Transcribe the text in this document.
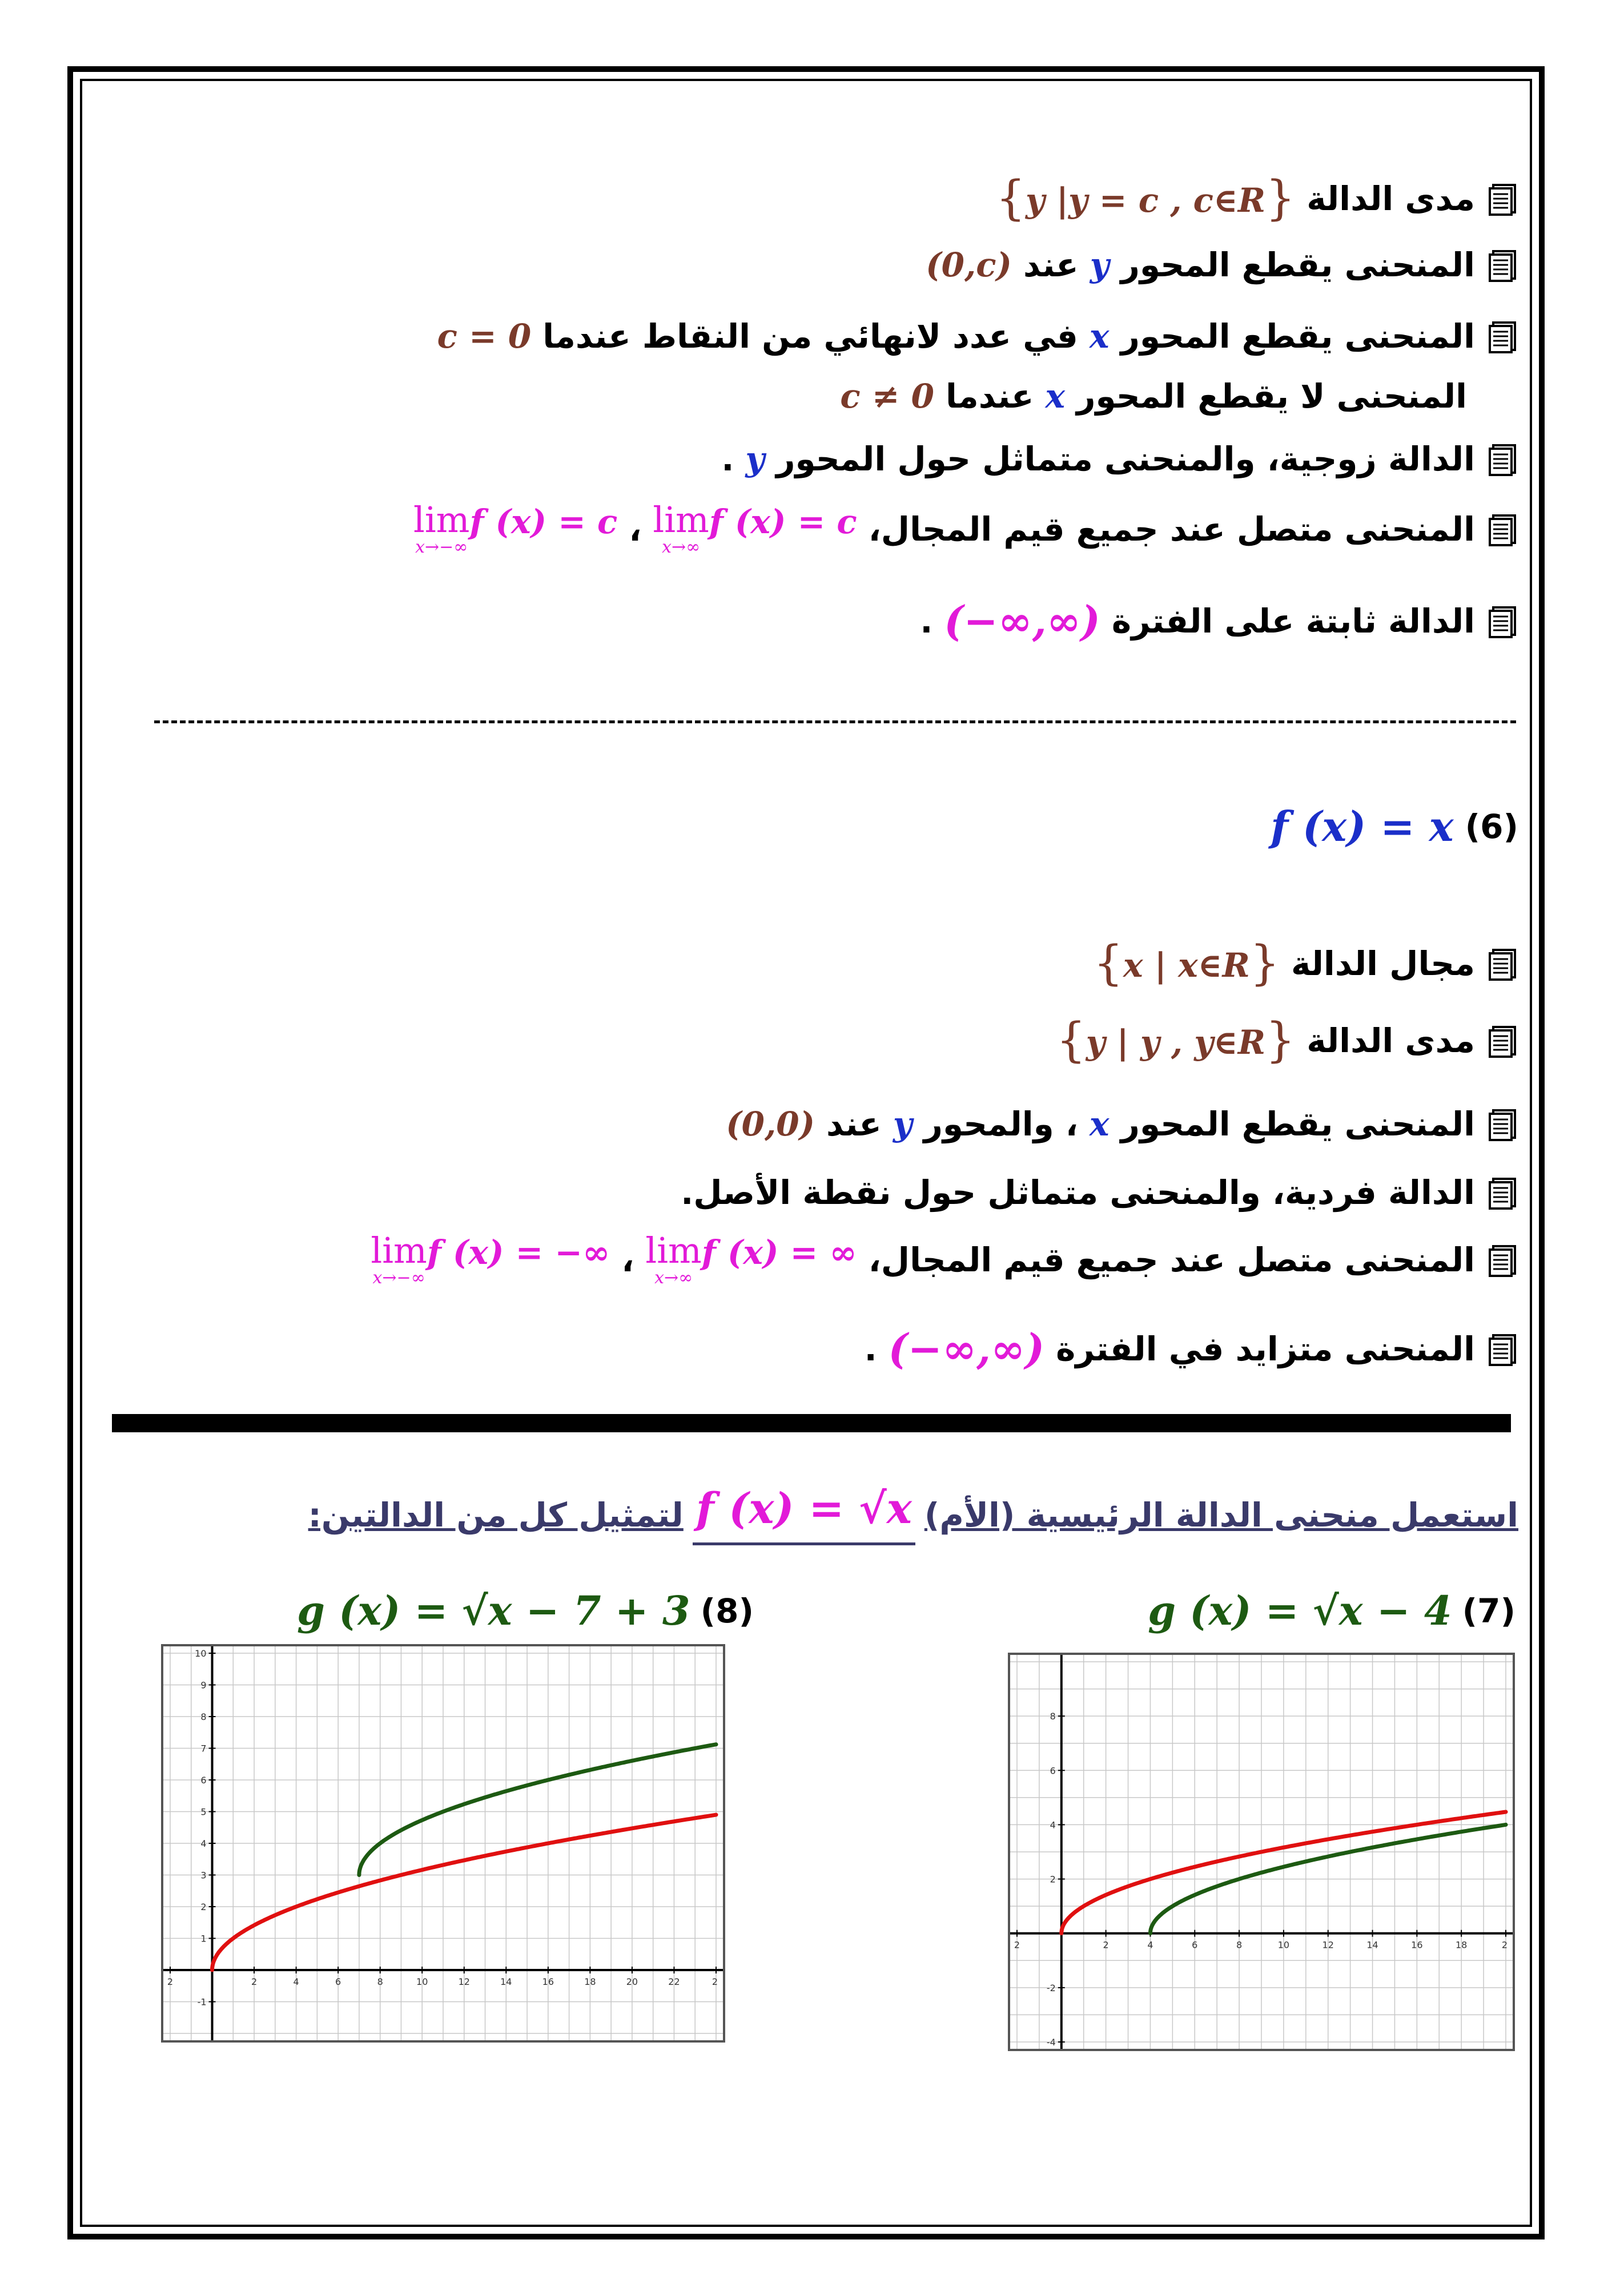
مدى الدالة
{y |y = c , c∈R}
المنحنى يقطع المحور
y
عند
(0,c)
المنحنى يقطع المحور
x
في عدد لانهائي من النقاط عندما
c = 0
المنحنى لا يقطع المحور
x
عندما
c ≠ 0
الدالة زوجية، والمنحنى متماثل حول المحور
y
.
المنحنى متصل عند جميع قيم المجال،
lim
x→∞
f (x) = c
،
lim
x→−∞
f (x) = c
الدالة ثابتة على الفترة
(−∞,∞)
.
(6)
f (x) = x
مجال الدالة
{x | x∈R}
مدى الدالة
{y | y , y∈R}
المنحنى يقطع المحور
x
، والمحور
y
عند
(0,0)
الدالة فردية، والمنحنى متماثل حول نقطة الأصل.
المنحنى متصل عند جميع قيم المجال،
lim
x→∞
f (x) = ∞
،
lim
x→−∞
f (x) = −∞
المنحنى متزايد في الفترة
(−∞,∞)
.
استعمل منحنى الدالة الرئيسية (الأم)
f (x) = √x
لتمثيل كل من الدالتين:
g (x) = √x − 4 (7)
g (x) = √x − 7 + 3 (8)
2	2	4	6	8	10	12	14	16	18	2
8
6
4
2
-2
-4
2	2	4	6	8	10	12	14	16	18	20	22	2
10
9
8
7
6
5
4
3
2
1
-1
